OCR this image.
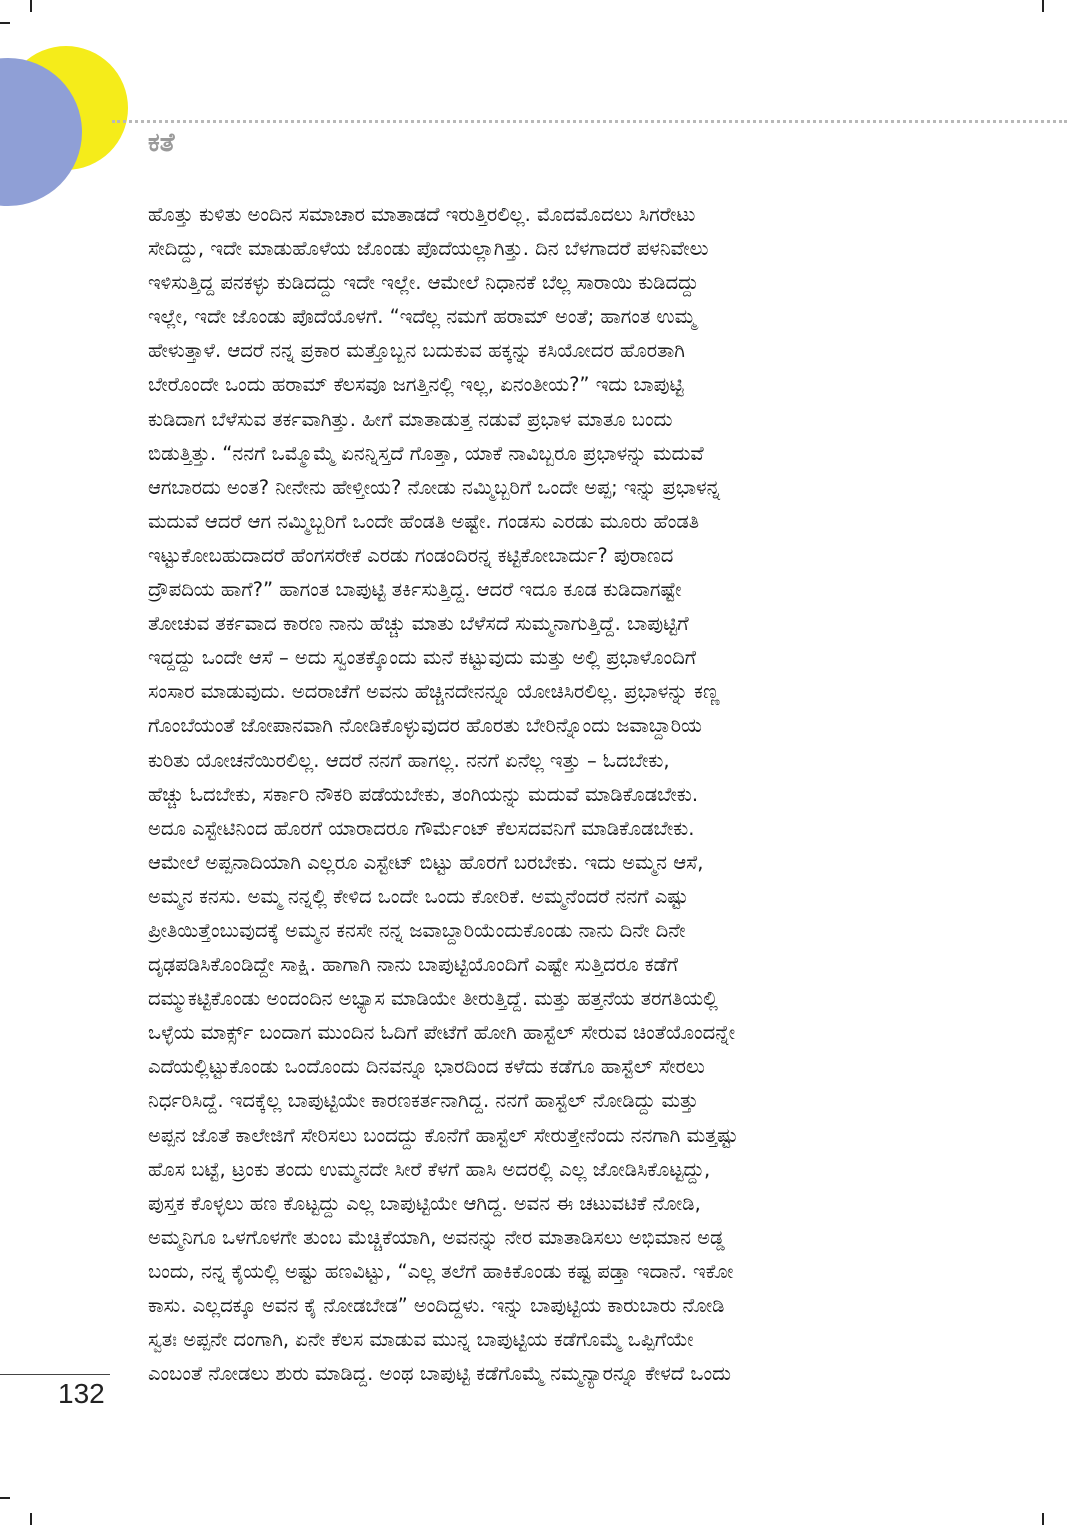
ಕತೆ
ಹೊತ್ತು ಕುಳಿತು ಅಂದಿನ ಸಮಾಚಾರ ಮಾತಾಡದೆ ಇರುತ್ತಿರಲಿಲ್ಲ. ಮೊದಮೊದಲು ಸಿಗರೇಟು
ಸೇದಿದ್ದು, ಇದೇ ಮಾಡುಹೊಳೆಯ ಜೊಂಡು ಪೊದೆಯಲ್ಲಾಗಿತ್ತು. ದಿನ ಬೆಳಗಾದರೆ ಪಳನಿವೇಲು
ಇಳಿಸುತ್ತಿದ್ದ ಪನಕಳ್ಳು ಕುಡಿದದ್ದು ಇದೇ ಇಲ್ಲೇ. ಆಮೇಲೆ ನಿಧಾನಕೆ ಬೆಲ್ಲ ಸಾರಾಯಿ ಕುಡಿದದ್ದು
ಇಲ್ಲೇ, ಇದೇ ಜೊಂಡು ಪೊದೆಯೊಳಗೆ. “ಇದೆಲ್ಲ ನಮಗೆ ಹರಾಮ್ ಅಂತೆ; ಹಾಗಂತ ಉಮ್ಮ
ಹೇಳುತ್ತಾಳೆ. ಆದರೆ ನನ್ನ ಪ್ರಕಾರ ಮತ್ತೊಬ್ಬನ ಬದುಕುವ ಹಕ್ಕನ್ನು ಕಸಿಯೋದರ ಹೊರತಾಗಿ
ಬೇರೊಂದೇ ಒಂದು ಹರಾಮ್ ಕೆಲಸವೂ ಜಗತ್ತಿನಲ್ಲಿ ಇಲ್ಲ, ಏನಂತೀಯ?” ಇದು ಬಾಪುಟ್ಟಿ
ಕುಡಿದಾಗ ಬೆಳೆಸುವ ತರ್ಕವಾಗಿತ್ತು. ಹೀಗೆ ಮಾತಾಡುತ್ತ ನಡುವೆ ಪ್ರಭಾಳ ಮಾತೂ ಬಂದು
ಬಿಡುತ್ತಿತ್ತು. “ನನಗೆ ಒಮ್ಮೊಮ್ಮೆ ಏನನ್ನಿಸ್ತದೆ ಗೊತ್ತಾ, ಯಾಕೆ ನಾವಿಬ್ಬರೂ ಪ್ರಭಾಳನ್ನು ಮದುವೆ
ಆಗಬಾರದು ಅಂತ? ನೀನೇನು ಹೇಳ್ತೀಯ? ನೋಡು ನಮ್ಮಿಬ್ಬರಿಗೆ ಒಂದೇ ಅಪ್ಪ; ಇನ್ನು ಪ್ರಭಾಳನ್ನ
ಮದುವೆ ಆದರೆ ಆಗ ನಮ್ಮಿಬ್ಬರಿಗೆ ಒಂದೇ ಹೆಂಡತಿ ಅಷ್ಟೇ. ಗಂಡಸು ಎರಡು ಮೂರು ಹೆಂಡತಿ
ಇಟ್ಟುಕೋಬಹುದಾದರೆ ಹೆಂಗಸರೇಕೆ ಎರಡು ಗಂಡಂದಿರನ್ನ ಕಟ್ಟಿಕೋಬಾರ್ದು? ಪುರಾಣದ
ದ್ರೌಪದಿಯ ಹಾಗೆ?” ಹಾಗಂತ ಬಾಪುಟ್ಟಿ ತರ್ಕಿಸುತ್ತಿದ್ದ. ಆದರೆ ಇದೂ ಕೂಡ ಕುಡಿದಾಗಷ್ಟೇ
ತೋಚುವ ತರ್ಕವಾದ ಕಾರಣ ನಾನು ಹೆಚ್ಚು ಮಾತು ಬೆಳೆಸದೆ ಸುಮ್ಮನಾಗುತ್ತಿದ್ದೆ. ಬಾಪುಟ್ಟಿಗೆ
ಇದ್ದದ್ದು ಒಂದೇ ಆಸೆ – ಅದು ಸ್ವಂತಕ್ಕೊಂದು ಮನೆ ಕಟ್ಟುವುದು ಮತ್ತು ಅಲ್ಲಿ ಪ್ರಭಾಳೊಂದಿಗೆ
ಸಂಸಾರ ಮಾಡುವುದು. ಅದರಾಚೆಗೆ ಅವನು ಹೆಚ್ಚಿನದೇನನ್ನೂ ಯೋಚಿಸಿರಲಿಲ್ಲ. ಪ್ರಭಾಳನ್ನು ಕಣ್ಣ
ಗೊಂಬೆಯಂತೆ ಜೋಪಾನವಾಗಿ ನೋಡಿಕೊಳ್ಳುವುದರ ಹೊರತು ಬೇರಿನ್ನೊಂದು ಜವಾಬ್ದಾರಿಯ
ಕುರಿತು ಯೋಚನೆಯಿರಲಿಲ್ಲ. ಆದರೆ ನನಗೆ ಹಾಗಲ್ಲ. ನನಗೆ ಏನೆಲ್ಲ ಇತ್ತು – ಓದಬೇಕು,
ಹೆಚ್ಚು ಓದಬೇಕು, ಸರ್ಕಾರಿ ನೌಕರಿ ಪಡೆಯಬೇಕು, ತಂಗಿಯನ್ನು ಮದುವೆ ಮಾಡಿಕೊಡಬೇಕು.
ಅದೂ ಎಸ್ಟೇಟಿನಿಂದ ಹೊರಗೆ ಯಾರಾದರೂ ಗೌರ್ಮೆಂಟ್ ಕೆಲಸದವನಿಗೆ ಮಾಡಿಕೊಡಬೇಕು.
ಆಮೇಲೆ ಅಪ್ಪನಾದಿಯಾಗಿ ಎಲ್ಲರೂ ಎಸ್ಟೇಟ್ ಬಿಟ್ಟು ಹೊರಗೆ ಬರಬೇಕು. ಇದು ಅಮ್ಮನ ಆಸೆ,
ಅಮ್ಮನ ಕನಸು. ಅಮ್ಮ ನನ್ನಲ್ಲಿ ಕೇಳಿದ ಒಂದೇ ಒಂದು ಕೋರಿಕೆ. ಅಮ್ಮನೆಂದರೆ ನನಗೆ ಎಷ್ಟು
ಪ್ರೀತಿಯಿತ್ತೆಂಬುವುದಕ್ಕೆ ಅಮ್ಮನ ಕನಸೇ ನನ್ನ ಜವಾಬ್ದಾರಿಯೆಂದುಕೊಂಡು ನಾನು ದಿನೇ ದಿನೇ
ದೃಢಪಡಿಸಿಕೊಂಡಿದ್ದೇ ಸಾಕ್ಷಿ. ಹಾಗಾಗಿ ನಾನು ಬಾಪುಟ್ಟಿಯೊಂದಿಗೆ ಎಷ್ಟೇ ಸುತ್ತಿದರೂ ಕಡೆಗೆ
ದಮ್ಮುಕಟ್ಟಿಕೊಂಡು ಅಂದಂದಿನ ಅಭ್ಯಾಸ ಮಾಡಿಯೇ ತೀರುತ್ತಿದ್ದೆ. ಮತ್ತು ಹತ್ತನೆಯ ತರಗತಿಯಲ್ಲಿ
ಒಳ್ಳೆಯ ಮಾರ್ಕ್ಸ್ ಬಂದಾಗ ಮುಂದಿನ ಓದಿಗೆ ಪೇಟೆಗೆ ಹೋಗಿ ಹಾಸ್ಟೆಲ್ ಸೇರುವ ಚಿಂತೆಯೊಂದನ್ನೇ
ಎದೆಯಲ್ಲಿಟ್ಟುಕೊಂಡು ಒಂದೊಂದು ದಿನವನ್ನೂ ಭಾರದಿಂದ ಕಳೆದು ಕಡೆಗೂ ಹಾಸ್ಟೆಲ್ ಸೇರಲು
ನಿರ್ಧರಿಸಿದ್ದೆ. ಇದಕ್ಕೆಲ್ಲ ಬಾಪುಟ್ಟಿಯೇ ಕಾರಣಕರ್ತನಾಗಿದ್ದ. ನನಗೆ ಹಾಸ್ಟೆಲ್ ನೋಡಿದ್ದು ಮತ್ತು
ಅಪ್ಪನ ಜೊತೆ ಕಾಲೇಜಿಗೆ ಸೇರಿಸಲು ಬಂದದ್ದು ಕೊನೆಗೆ ಹಾಸ್ಟೆಲ್ ಸೇರುತ್ತೇನೆಂದು ನನಗಾಗಿ ಮತ್ತಷ್ಟು
ಹೊಸ ಬಟ್ಟೆ, ಟ್ರಂಕು ತಂದು ಉಮ್ಮನದೇ ಸೀರೆ ಕೆಳಗೆ ಹಾಸಿ ಅದರಲ್ಲಿ ಎಲ್ಲ ಜೋಡಿಸಿಕೊಟ್ಟದ್ದು,
ಪುಸ್ತಕ ಕೊಳ್ಳಲು ಹಣ ಕೊಟ್ಟದ್ದು ಎಲ್ಲ ಬಾಪುಟ್ಟಿಯೇ ಆಗಿದ್ದ. ಅವನ ಈ ಚಟುವಟಿಕೆ ನೋಡಿ,
ಅಮ್ಮನಿಗೂ ಒಳಗೊಳಗೇ ತುಂಬ ಮೆಚ್ಚಿಕೆಯಾಗಿ, ಅವನನ್ನು ನೇರ ಮಾತಾಡಿಸಲು ಅಭಿಮಾನ ಅಡ್ಡ
ಬಂದು, ನನ್ನ ಕೈಯಲ್ಲಿ ಅಷ್ಟು ಹಣವಿಟ್ಟು, “ಎಲ್ಲ ತಲೆಗೆ ಹಾಕಿಕೊಂಡು ಕಷ್ಟ ಪಡ್ತಾ ಇದಾನೆ. ಇಕೋ
ಕಾಸು. ಎಲ್ಲದಕ್ಕೂ ಅವನ ಕೈ ನೋಡಬೇಡ” ಅಂದಿದ್ದಳು. ಇನ್ನು ಬಾಪುಟ್ಟಿಯ ಕಾರುಬಾರು ನೋಡಿ
ಸ್ವತಃ ಅಪ್ಪನೇ ದಂಗಾಗಿ, ಏನೇ ಕೆಲಸ ಮಾಡುವ ಮುನ್ನ ಬಾಪುಟ್ಟಿಯ ಕಡೆಗೊಮ್ಮೆ ಒಪ್ಪಿಗೆಯೇ
ಎಂಬಂತೆ ನೋಡಲು ಶುರು ಮಾಡಿದ್ದ. ಅಂಥ ಬಾಪುಟ್ಟಿ ಕಡೆಗೊಮ್ಮೆ ನಮ್ಮನ್ಯಾರನ್ನೂ ಕೇಳದೆ ಒಂದು
132
